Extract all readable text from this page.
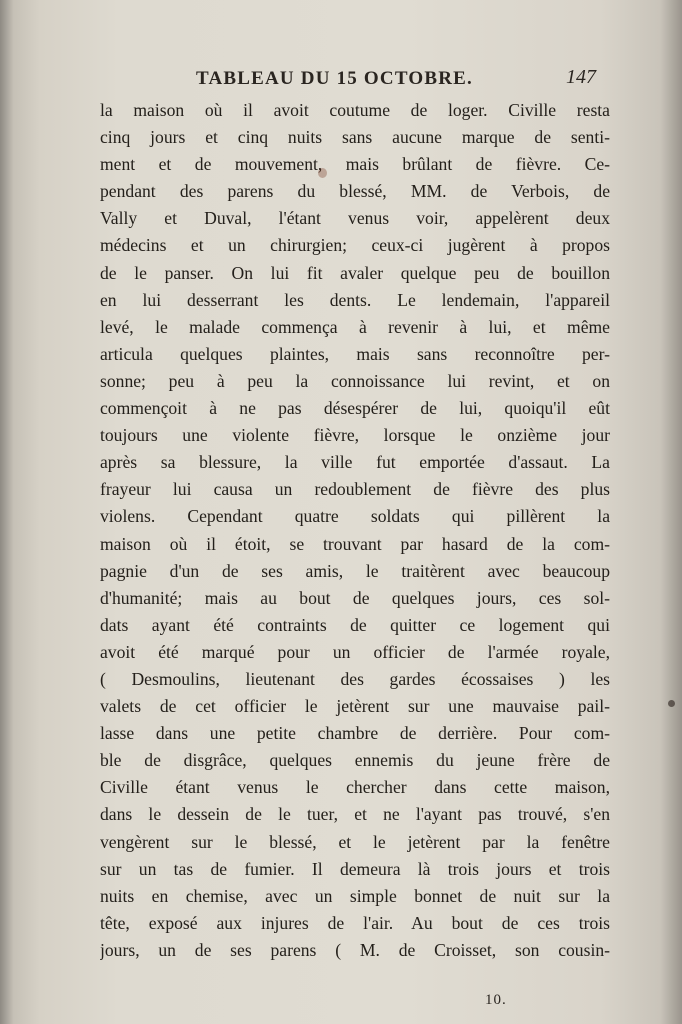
TABLEAU DU 15 OCTOBRE.	147
la maison où il avoit coutume de loger. Civille resta
cinq jours et cinq nuits sans aucune marque de senti-
ment et de mouvement, mais brûlant de fièvre. Ce-
pendant des parens du blessé, MM. de Verbois, de
Vally et Duval, l'étant venus voir, appelèrent deux
médecins et un chirurgien; ceux-ci jugèrent à propos
de le panser. On lui fit avaler quelque peu de bouillon
en lui desserrant les dents. Le lendemain, l'appareil
levé, le malade commença à revenir à lui, et même
articula quelques plaintes, mais sans reconnoître per-
sonne; peu à peu la connoissance lui revint, et on
commençoit à ne pas désespérer de lui, quoiqu'il eût
toujours une violente fièvre, lorsque le onzième jour
après sa blessure, la ville fut emportée d'assaut. La
frayeur lui causa un redoublement de fièvre des plus
violens. Cependant quatre soldats qui pillèrent la
maison où il étoit, se trouvant par hasard de la com-
pagnie d'un de ses amis, le traitèrent avec beaucoup
d'humanité; mais au bout de quelques jours, ces sol-
dats ayant été contraints de quitter ce logement qui
avoit été marqué pour un officier de l'armée royale,
( Desmoulins, lieutenant des gardes écossaises ) les
valets de cet officier le jetèrent sur une mauvaise pail-
lasse dans une petite chambre de derrière. Pour com-
ble de disgrâce, quelques ennemis du jeune frère de
Civille étant venus le chercher dans cette maison,
dans le dessein de le tuer, et ne l'ayant pas trouvé, s'en
vengèrent sur le blessé, et le jetèrent par la fenêtre
sur un tas de fumier. Il demeura là trois jours et trois
nuits en chemise, avec un simple bonnet de nuit sur la
tête, exposé aux injures de l'air. Au bout de ces trois
jours, un de ses parens ( M. de Croisset, son cousin-
10.
